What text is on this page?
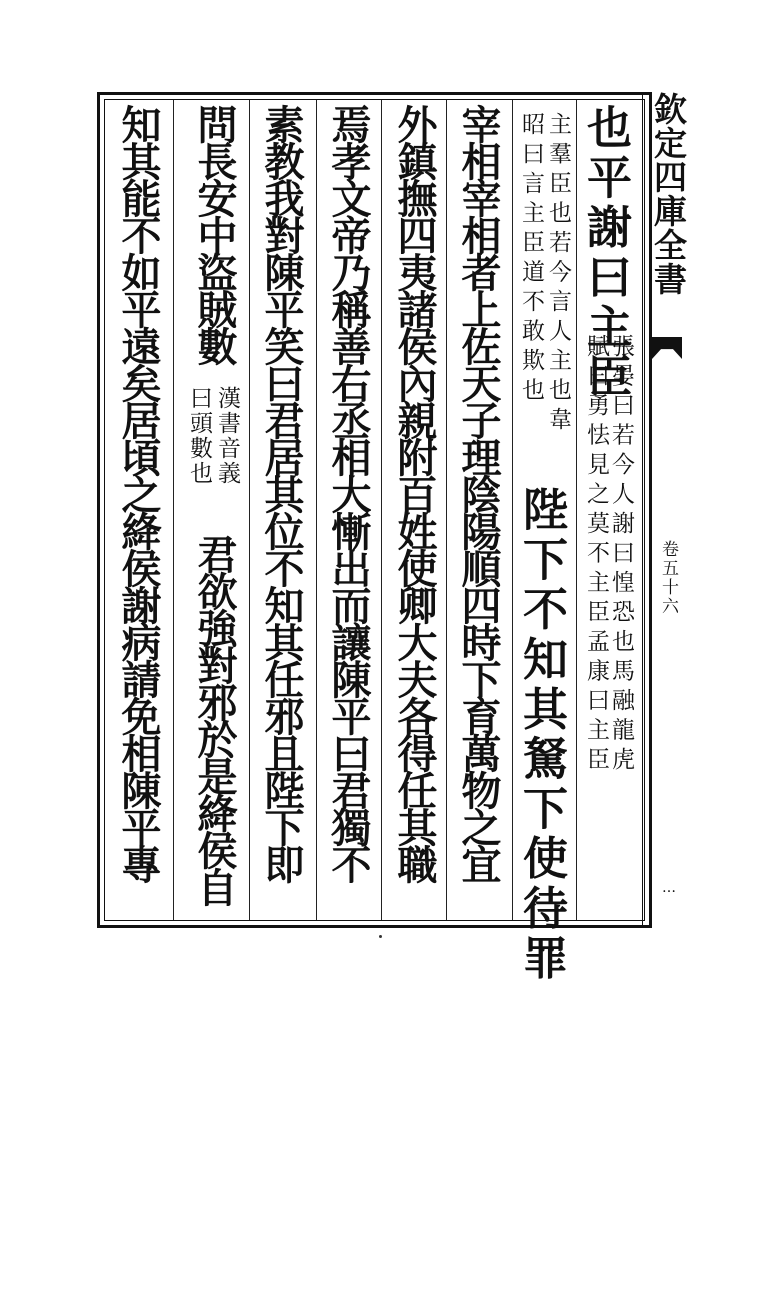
欽定四庫全書
卷五十六
…
也平謝曰主臣
張晏曰若今人謝曰惶恐也馬融龍虎
賦曰勇怯見之莫不主臣孟康曰主臣
主羣臣也若今言人主也韋
昭曰言主臣道不敢欺也
陛下不知其駑下使待罪
宰相宰相者上佐天子理陰陽順四時下育萬物之宜
外鎮撫四夷諸侯內親附百姓使卿大夫各得任其職
焉孝文帝乃稱善右丞相大慚出而讓陳平曰君獨不
素教我對陳平笑曰君居其位不知其任邪且陛下即
問長安中盜賊數
漢書音義
曰頭數也
君欲強對邪於是絳侯自
知其能不如平遠矣居頃之絳侯謝病請免相陳平專
